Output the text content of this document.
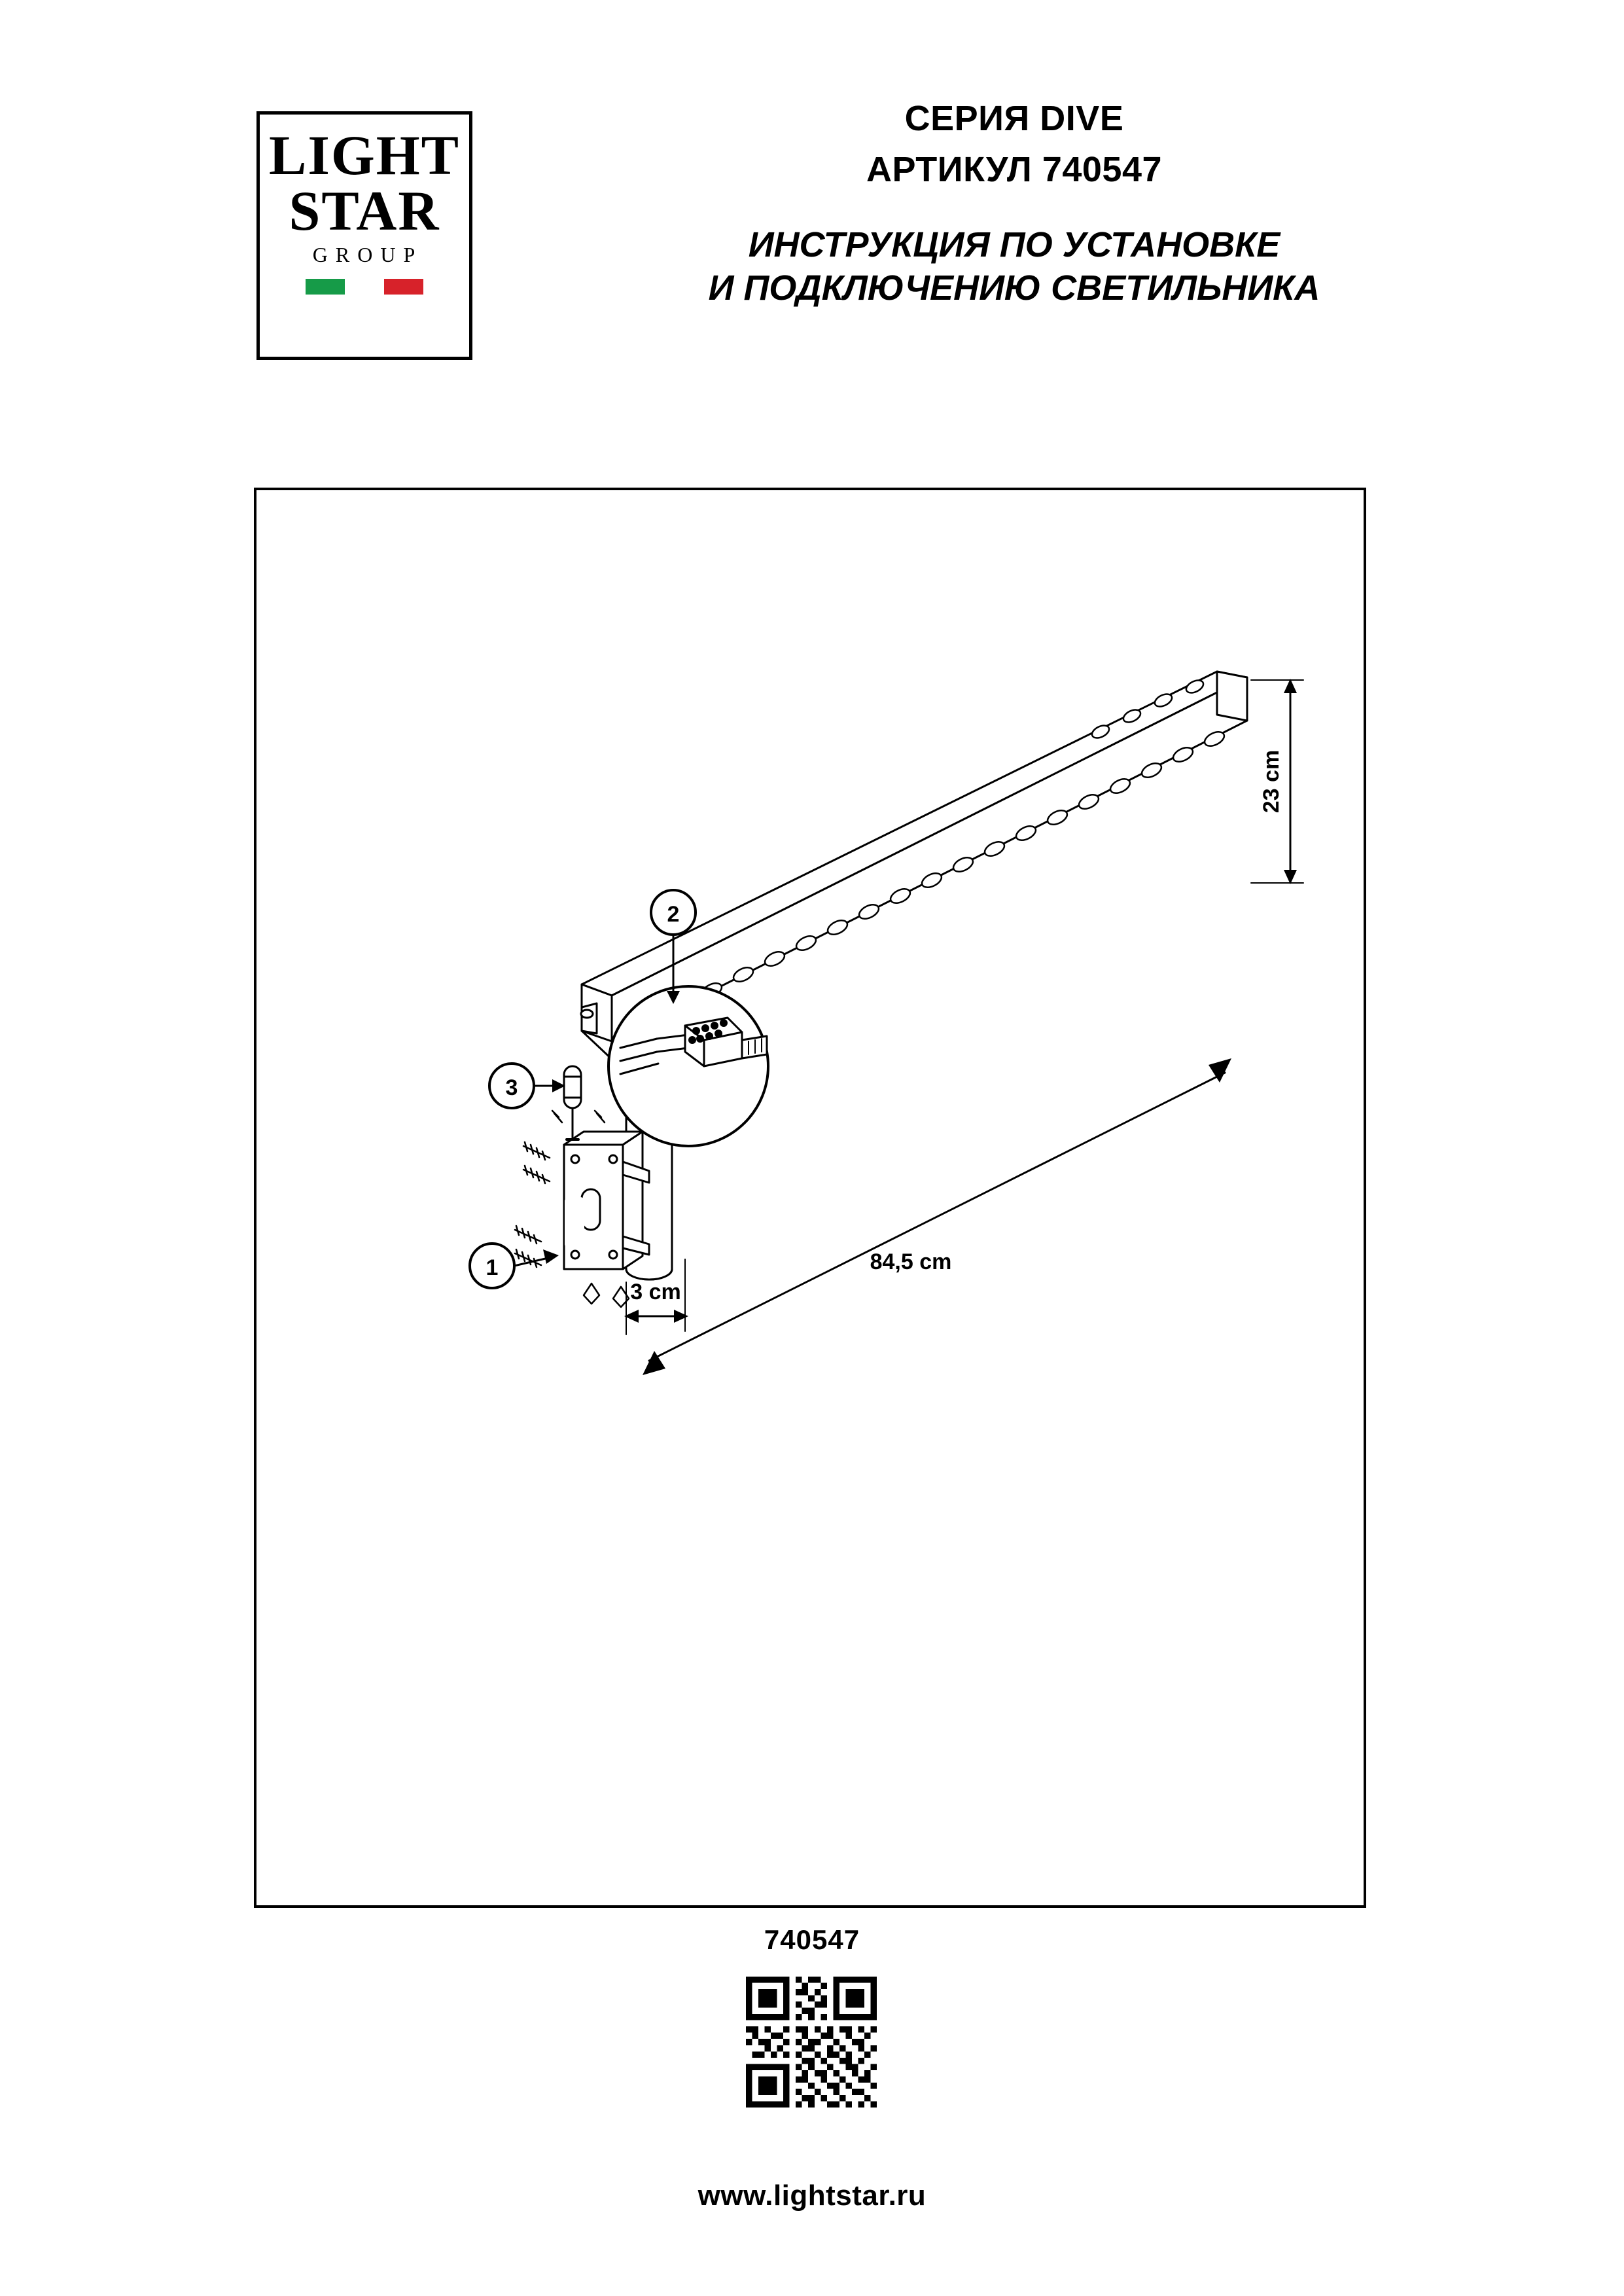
LIGHT
STAR
GROUP

СЕРИЯ DIVE

АРТИКУЛ 740547

ИНСТРУКЦИЯ ПО УСТАНОВКЕ

И ПОДКЛЮЧЕНИЮ СВЕТИЛЬНИКА

2
3
1
23 cm
84,5 cm
3 cm
740547
www.lightstar.ru
